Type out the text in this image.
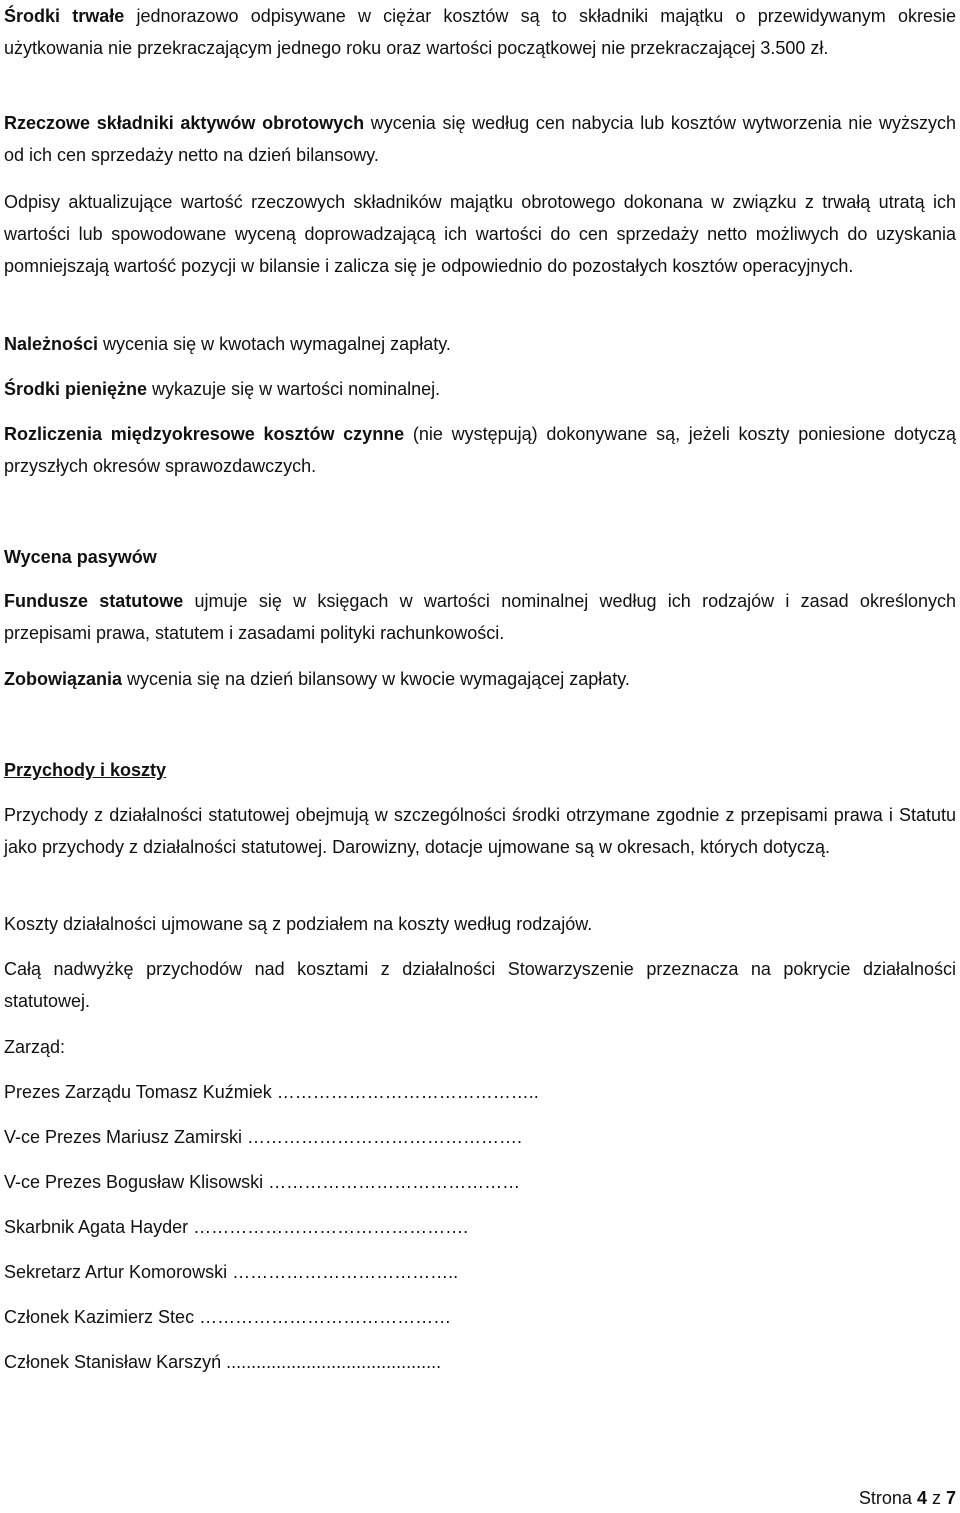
Środki trwałe jednorazowo odpisywane w ciężar kosztów są to składniki majątku o przewidywanym okresie użytkowania nie przekraczającym jednego roku oraz wartości początkowej nie przekraczającej 3.500 zł.

Rzeczowe składniki aktywów obrotowych wycenia się według cen nabycia lub kosztów wytworzenia nie wyższych od ich cen sprzedaży netto na dzień bilansowy.

Odpisy aktualizujące wartość rzeczowych składników majątku obrotowego dokonana w związku z trwałą utratą ich wartości lub spowodowane wyceną doprowadzającą ich wartości do cen sprzedaży netto możliwych do uzyskania pomniejszają wartość pozycji w bilansie i zalicza się je odpowiednio do pozostałych kosztów operacyjnych.

Należności wycenia się w kwotach wymagalnej zapłaty.

Środki pieniężne wykazuje się w wartości nominalnej.

Rozliczenia międzyokresowe kosztów czynne (nie występują) dokonywane są, jeżeli koszty poniesione dotyczą przyszłych okresów sprawozdawczych.

Wycena pasywów

Fundusze statutowe ujmuje się w księgach w wartości nominalnej według ich rodzajów i zasad określonych przepisami prawa, statutem i zasadami polityki rachunkowości.

Zobowiązania wycenia się na dzień bilansowy w kwocie wymagającej zapłaty.

Przychody i koszty

Przychody z działalności statutowej obejmują w szczególności środki otrzymane zgodnie z przepisami prawa i Statutu jako przychody z działalności statutowej. Darowizny, dotacje ujmowane są w okresach, których dotyczą.

Koszty działalności ujmowane są z podziałem na koszty według rodzajów.

Całą nadwyżkę przychodów nad kosztami z działalności Stowarzyszenie przeznacza na pokrycie działalności statutowej.

Zarząd:

Prezes Zarządu Tomasz Kuźmiek ……………………………………..

V-ce Prezes Mariusz Zamirski ……………………………………….

V-ce Prezes Bogusław Klisowski ……………………………………

Skarbnik Agata Hayder ……………………………………….

Sekretarz Artur Komorowski ………………………………..

Członek Kazimierz Stec ……………………………………

Członek Stanisław Karszyń ...........................................

Strona 4 z 7
